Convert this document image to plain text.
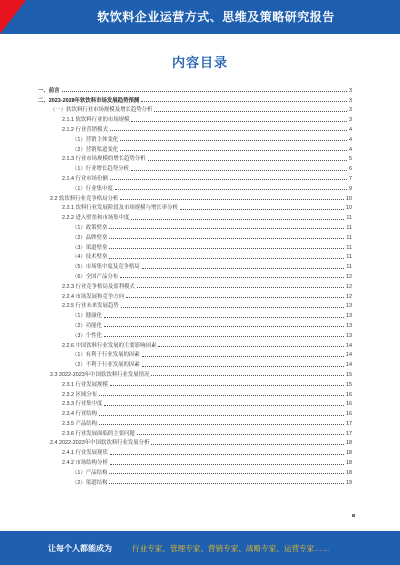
软饮料企业运营方式、思维及策略研究报告
内容目录
一、前言	3
二、2023-2028年软饮料市场发展趋势预测	3
（一）软饮料行业市场规模及增长趋势分析	3
2.1.1 软饮料行业的市场规模	3
2.1.2 行业营销模式	4
（1）营销主体变化	4
（2）营销渠道变化	4
2.1.3 行业市场规模的增长趋势分析	5
（1）行业增长趋势分析	6
2.1.4 行业市场份额	7
（1）行业集中度	9
2.2 软饮料行业竞争格局分析	10
2.2.1 饮料行业发展阶段及市场规模与增长率分析	10
2.2.2 进入壁垒和市场集中度	11
（1）政策壁垒	11
（2）品牌壁垒	11
（3）渠道壁垒	11
（4）技术壁垒	11
（5）市场集中度及竞争格局	11
（6）全国产品分布	12
2.2.3 行业竞争格局及盈利模式	12
2.2.4 市场发展和竞争方向	12
2.2.5 行业未来发展趋势	13
（1）健康化	13
（2）功能化	13
（3）个性化	13
2.2.6 中国饮料行业发展的主要影响因素	14
（1）有利于行业发展的因素	14
（2）不利于行业发展的因素	14
2.3 2022-2023年中国软饮料行业发展情况	15
2.3.1 行业发展规模	15
2.3.2 区域分布	16
2.3.3 行业集中度	16
2.3.4 行业结构	16
2.3.5 产品结构	17
2.3.6 行业发展面临的主要问题	17
2.4 2022-2023年中国软饮料行业发展分析	18
2.4.1 行业发展现状	18
2.4.2 市场结构分析	18
（1）产品结构	18
（2）渠道结构	19
让每个人都能成为	行业专家、管理专家、营销专家、战略专家、运营专家……
